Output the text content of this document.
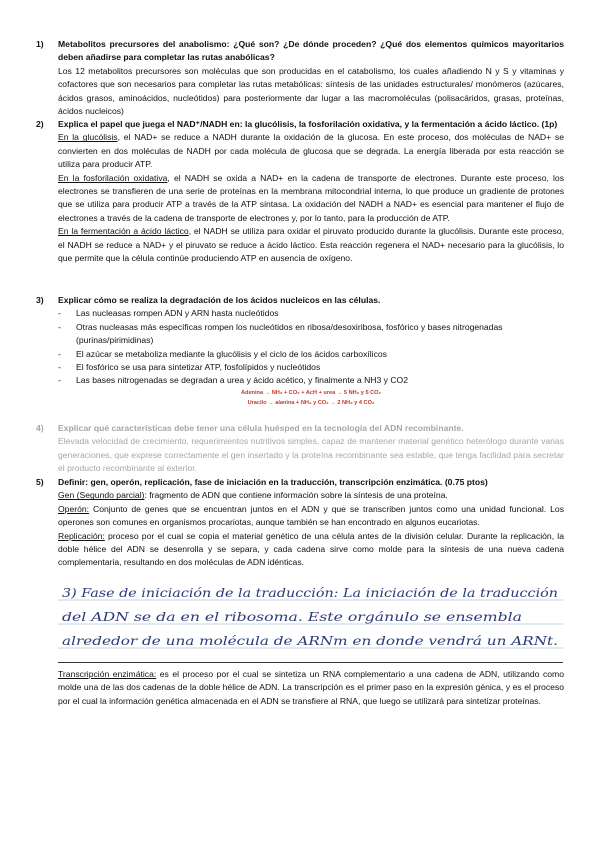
1) Metabolitos precursores del anabolismo: ¿Qué son? ¿De dónde proceden? ¿Qué dos elementos químicos mayoritarios deben añadirse para completar las rutas anabólicas?

Los 12 metabolitos precursores son moléculas que son producidas en el catabolismo, los cuales añadiendo N y S y vitaminas y cofactores que son necesarios para completar las rutas metabólicas: síntesis de las unidades estructurales/ monómeros (azúcares, ácidos grasos, aminoácidos, nucleótidos) para posteriormente dar lugar a las macromoléculas (polisacáridos, grasas, proteínas, ácidos nucleicos)

2) Explica el papel que juega el NAD⁺/NADH en: la glucólisis, la fosforilación oxidativa, y la fermentación a ácido láctico. (1p)

En la glucólisis, el NAD+ se reduce a NADH durante la oxidación de la glucosa. En este proceso, dos moléculas de NAD+ se convierten en dos moléculas de NADH por cada molécula de glucosa que se degrada. La energía liberada por esta reacción se utiliza para producir ATP.

En la fosforilación oxidativa, el NADH se oxida a NAD+ en la cadena de transporte de electrones. Durante este proceso, los electrones se transfieren de una serie de proteínas en la membrana mitocondrial interna, lo que produce un gradiente de protones que se utiliza para producir ATP a través de la ATP sintasa. La oxidación del NADH a NAD+ es esencial para mantener el flujo de electrones a través de la cadena de transporte de electrones y, por lo tanto, para la producción de ATP.

En la fermentación a ácido láctico, el NADH se utiliza para oxidar el piruvato producido durante la glucólisis. Durante este proceso, el NADH se reduce a NAD+ y el piruvato se reduce a ácido láctico. Esta reacción regenera el NAD+ necesario para la glucólisis, lo que permite que la célula continúe produciendo ATP en ausencia de oxígeno.

3) Explicar cómo se realiza la degradación de los ácidos nucleicos en las células.

- Las nucleasas rompen ADN y ARN hasta nucleótidos
- Otras nucleasas más específicas rompen los nucleótidos en ribosa/desoxiribosa, fosfórico y bases nitrogenadas (purinas/pirimidinas)
- El azúcar se metaboliza mediante la glucólisis y el ciclo de los ácidos carboxílicos
- El fosfórico se usa para sintetizar ATP, fosfolípidos y nucleótidos
- Las bases nitrogenadas se degradan a urea y ácido acético, y finalmente a NH3 y CO2
Adenina → NH₃ + CO₂ + AcH + urea → 5 NH₃ y 5 CO₂
Uracilo → alanina + NH₃ y CO₂ → 2 NH₃ y 4 CO₂
4) Explicar qué características debe tener una célula huésped en la tecnología del ADN recombinante.

Elevada velocidad de crecimiento, requerimientos nutritivos simples, capaz de mantener material genético heterólogo durante varias generaciones, que exprese correctamente el gen insertado y la proteína recombinante sea estable, que tenga facilidad para secretar el producto recombinante al exterior.

5) Definir: gen, operón, replicación, fase de iniciación en la traducción, transcripción enzimática. (0.75 ptos)

Gen (Segundo parcial): fragmento de ADN que contiene información sobre la síntesis de una proteína.

Operón: Conjunto de genes que se encuentran juntos en el ADN y que se transcriben juntos como una unidad funcional. Los operones son comunes en organismos procariotas, aunque también se han encontrado en algunos eucariotas.

Replicación: proceso por el cual se copia el material genético de una célula antes de la división celular. Durante la replicación, la doble hélice del ADN se desenrolla y se separa, y cada cadena sirve como molde para la síntesis de una nueva cadena complementaria, resultando en dos moléculas de ADN idénticas.

3) Fase de iniciación de la traducción: La iniciación de la traducción
del ADN se da en el ribosoma. Este orgánulo se ensembla
alrededor de una molécula de ARNm en donde vendrá un ARNt.

Transcripción enzimática: es el proceso por el cual se sintetiza un RNA complementario a una cadena de ADN, utilizando como molde una de las dos cadenas de la doble hélice de ADN. La transcripción es el primer paso en la expresión génica, y es el proceso por el cual la información genética almacenada en el ADN se transfiere al RNA, que luego se utilizará para sintetizar proteínas.
